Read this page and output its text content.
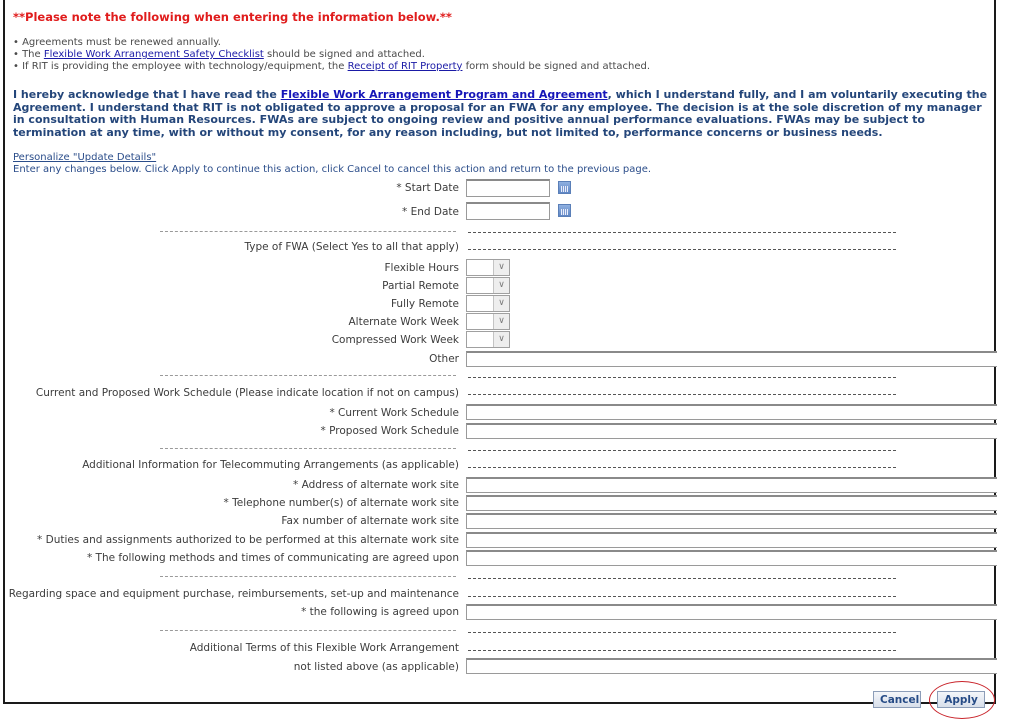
**Please note the following when entering the information below.**
• Agreements must be renewed annually.
• The Flexible Work Arrangement Safety Checklist should be signed and attached.
• If RIT is providing the employee with technology/equipment, the Receipt of RIT Property form should be signed and attached.
I hereby acknowledge that I have read the Flexible Work Arrangement Program and Agreement, which I understand fully, and I am voluntarily executing the Agreement. I understand that RIT is not obligated to approve a proposal for an FWA for any employee. The decision is at the sole discretion of my manager in consultation with Human Resources. FWAs are subject to ongoing review and positive annual performance evaluations. FWAs may be subject to termination at any time, with or without my consent, for any reason including, but not limited to, performance concerns or business needs.
Personalize "Update Details"
Enter any changes below. Click Apply to continue this action, click Cancel to cancel this action and return to the previous page.
* Start Date
* End Date
Type of FWA (Select Yes to all that apply)
Flexible Hours	∨
Partial Remote	∨
Fully Remote	∨
Alternate Work Week	∨
Compressed Work Week	∨
Other
Current and Proposed Work Schedule (Please indicate location if not on campus)
* Current Work Schedule
* Proposed Work Schedule
Additional Information for Telecommuting Arrangements (as applicable)
* Address of alternate work site
* Telephone number(s) of alternate work site
Fax number of alternate work site
* Duties and assignments authorized to be performed at this alternate work site
* The following methods and times of communicating are agreed upon
Regarding space and equipment purchase, reimbursements, set-up and maintenance
* the following is agreed upon
Additional Terms of this Flexible Work Arrangement
not listed above (as applicable)
Cancel	Apply
